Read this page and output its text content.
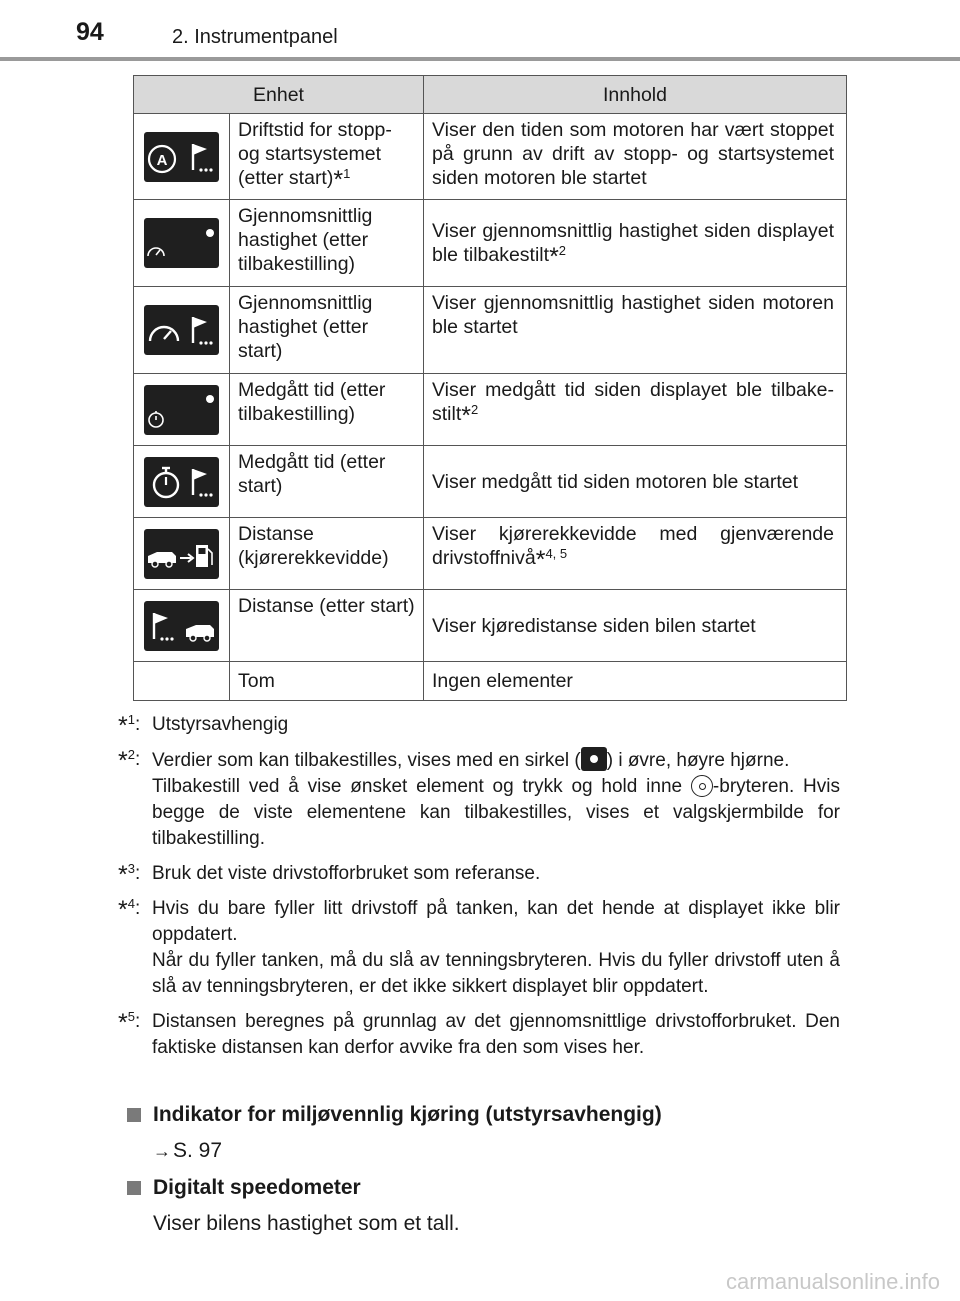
94	2. Instrumentpanel
Enhet		Innhold

A	Driftstid for stopp- og startsystemet (etter start)*$^1$	Viser den tiden som motoren har vært stoppet på grunn av drift av stopp- og startsystemet siden motoren ble startet

	Gjennomsnittlig hastighet (etter tilbakestilling)	Viser gjennomsnittlig hastighet siden displayet ble tilbakestilt*$^2$

	Gjennomsnittlig hastighet (etter start)	Viser gjennomsnittlig hastighet siden motoren ble startet

	Medgått tid (etter tilbakestilling)	Viser medgått tid siden displayet ble tilbakestilt*$^2$

	Medgått tid (etter start)	Viser medgått tid siden motoren ble startet

	Distanse (kjørerekkevidde)	Viser kjørerekkevidde med gjenværende drivstoffnivå*$^{4, 5}$

	Distanse (etter start)	Viser kjøredistanse siden bilen startet
	Tom	Ingen elementer
*$^1$: Utstyrsavhengig
*$^2$: Verdier som kan tilbakestilles, vises med en sirkel ( ) i øvre, høyre hjørne.
Tilbakestill ved å vise ønsket element og trykk og hold inne -bryteren. Hvis begge de viste elementene kan tilbakestilles, vises et valgskjermbilde for tilbakestilling.
*$^3$: Bruk det viste drivstofforbruket som referanse.
*$^4$: Hvis du bare fyller litt drivstoff på tanken, kan det hende at displayet ikke blir oppdatert.
Når du fyller tanken, må du slå av tenningsbryteren. Hvis du fyller drivstoff uten å slå av tenningsbryteren, er det ikke sikkert displayet blir oppdatert.
*$^5$: Distansen beregnes på grunnlag av det gjennomsnittlige drivstofforbruket. Den faktiske distansen kan derfor avvike fra den som vises her.
Indikator for miljøvennlig kjøring (utstyrsavhengig)
→S. 97
Digitalt speedometer
Viser bilens hastighet som et tall.
carmanualsonline.info
